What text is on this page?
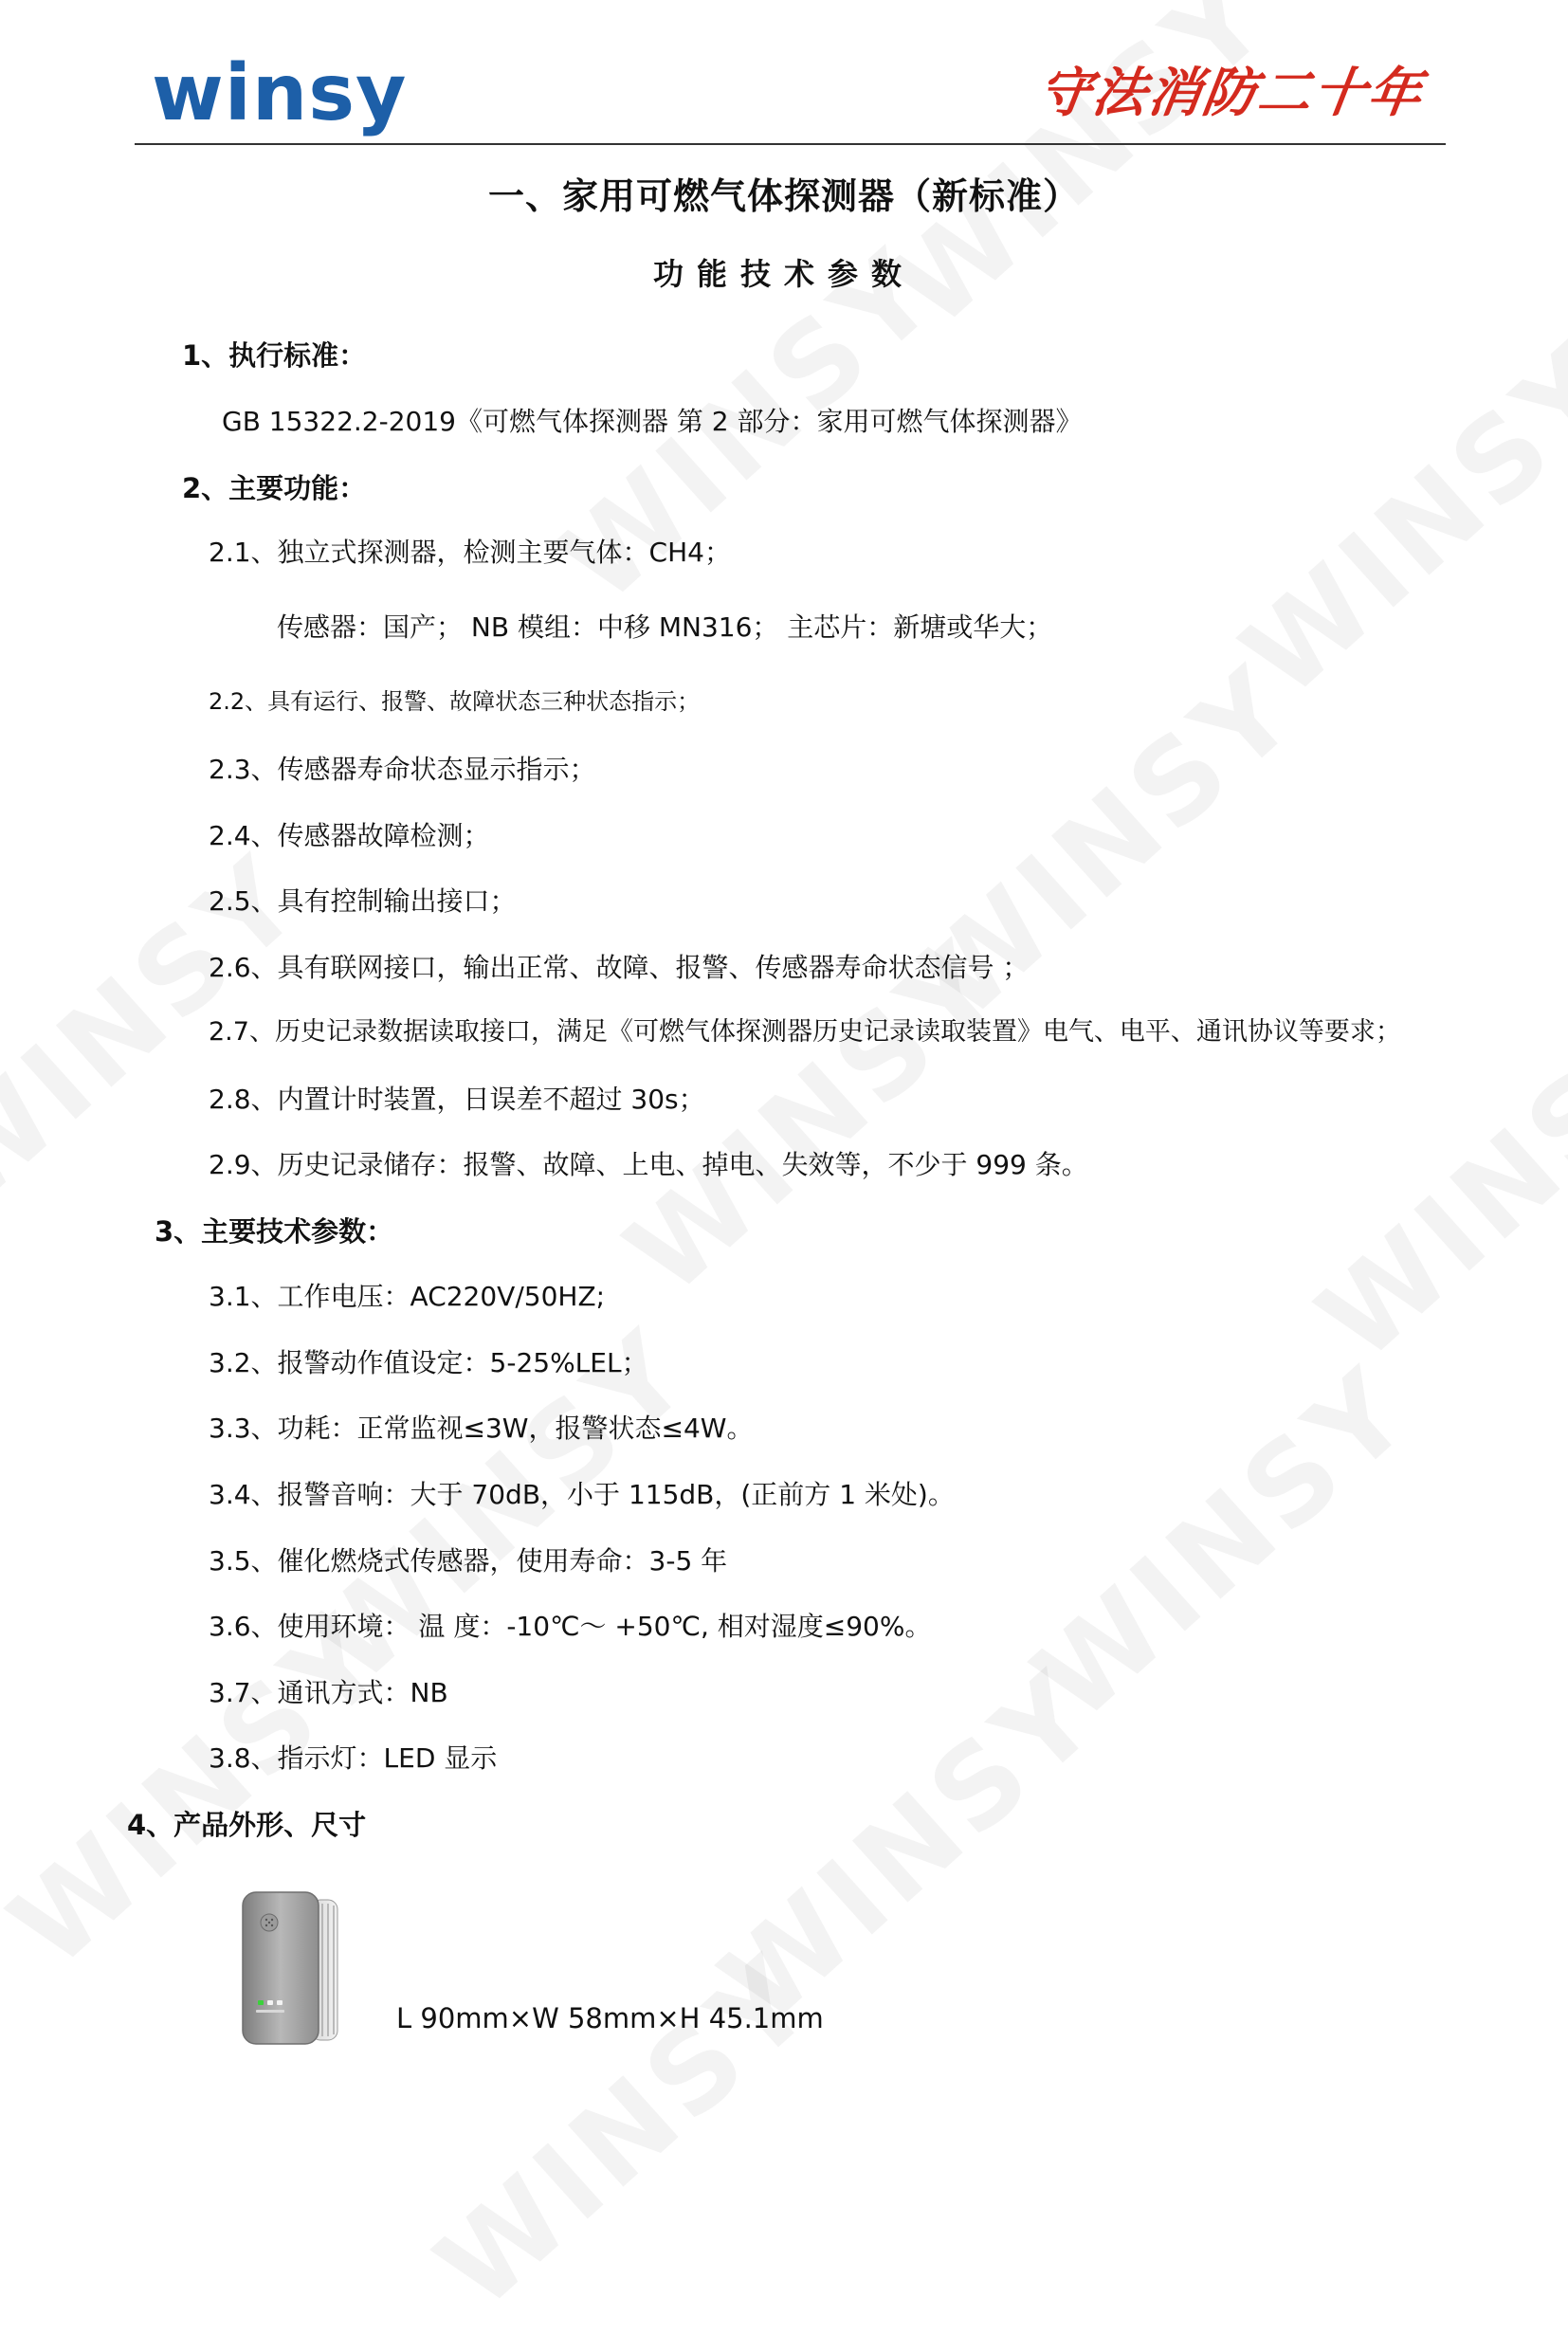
winsy	守法消防二十年
一、家用可燃气体探测器（新标准）
功能技术参数
1、执行标准：
GB 15322.2-2019《可燃气体探测器 第 2 部分：家用可燃气体探测器》
2、主要功能：
2.1、独立式探测器，检测主要气体：CH4；
传感器：国产； NB 模组：中移 MN316； 主芯片：新塘或华大；
2.2、具有运行、报警、故障状态三种状态指示；
2.3、传感器寿命状态显示指示；
2.4、传感器故障检测；
2.5、具有控制输出接口；
2.6、具有联网接口，输出正常、故障、报警、传感器寿命状态信号 ；
2.7、历史记录数据读取接口，满足《可燃气体探测器历史记录读取装置》电气、电平、通讯协议等要求；
2.8、内置计时装置，日误差不超过 30s；
2.9、历史记录储存：报警、故障、上电、掉电、失效等，不少于 999 条。
3、主要技术参数：
3.1、工作电压：AC220V/50HZ;
3.2、报警动作值设定：5-25%LEL；
3.3、功耗：正常监视≤3W，报警状态≤4W。
3.4、报警音响：大于 70dB，小于 115dB，(正前方 1 米处)。
3.5、催化燃烧式传感器，使用寿命：3-5 年
3.6、使用环境： 温 度：-10℃～ +50℃, 相对湿度≤90%。
3.7、通讯方式：NB
3.8、指示灯：LED 显示
4、产品外形、尺寸
L 90mm×W 58mm×H 45.1mm
